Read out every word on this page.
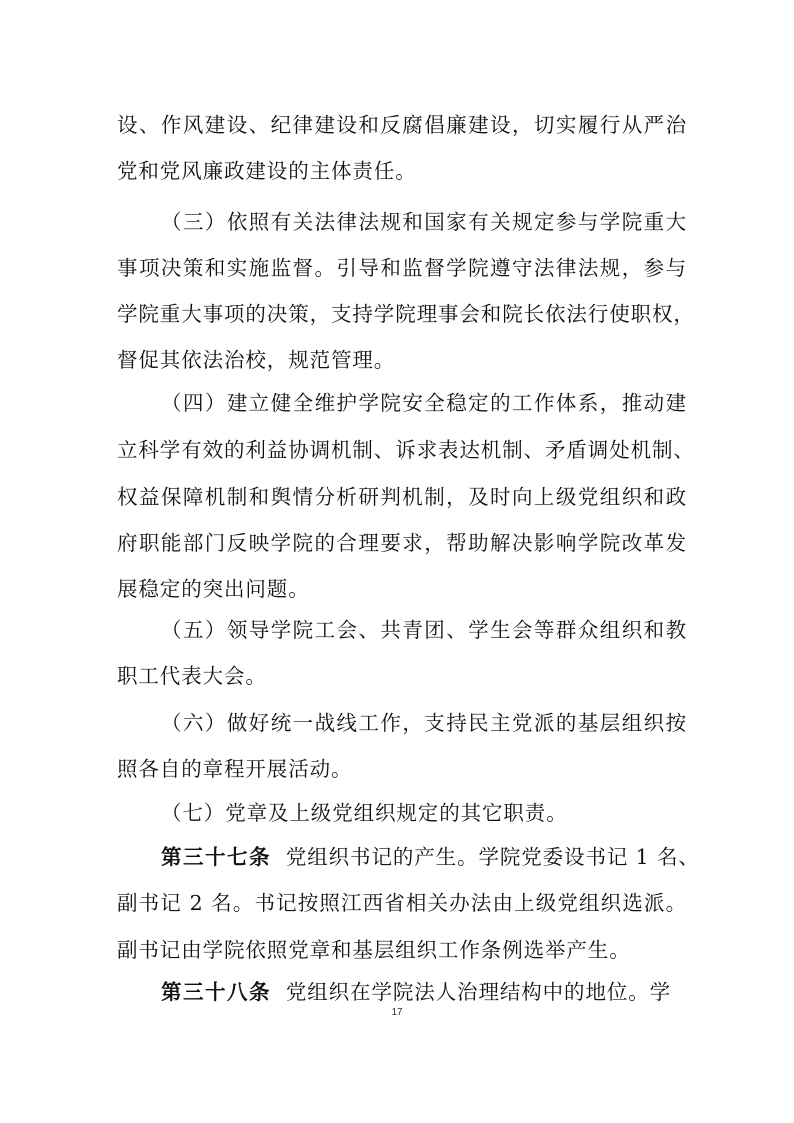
设、作风建设、纪律建设和反腐倡廉建设，切实履行从严治
党和党风廉政建设的主体责任。
（三）依照有关法律法规和国家有关规定参与学院重大
事项决策和实施监督。引导和监督学院遵守法律法规，参与
学院重大事项的决策，支持学院理事会和院长依法行使职权，
督促其依法治校，规范管理。
（四）建立健全维护学院安全稳定的工作体系，推动建
立科学有效的利益协调机制、诉求表达机制、矛盾调处机制、
权益保障机制和舆情分析研判机制，及时向上级党组织和政
府职能部门反映学院的合理要求，帮助解决影响学院改革发
展稳定的突出问题。
（五）领导学院工会、共青团、学生会等群众组织和教
职工代表大会。
（六）做好统一战线工作，支持民主党派的基层组织按
照各自的章程开展活动。
（七）党章及上级党组织规定的其它职责。
第三十七条 党组织书记的产生。学院党委设书记 1 名、
副书记 2 名。书记按照江西省相关办法由上级党组织选派。
副书记由学院依照党章和基层组织工作条例选举产生。
第三十八条 党组织在学院法人治理结构中的地位。学
17
